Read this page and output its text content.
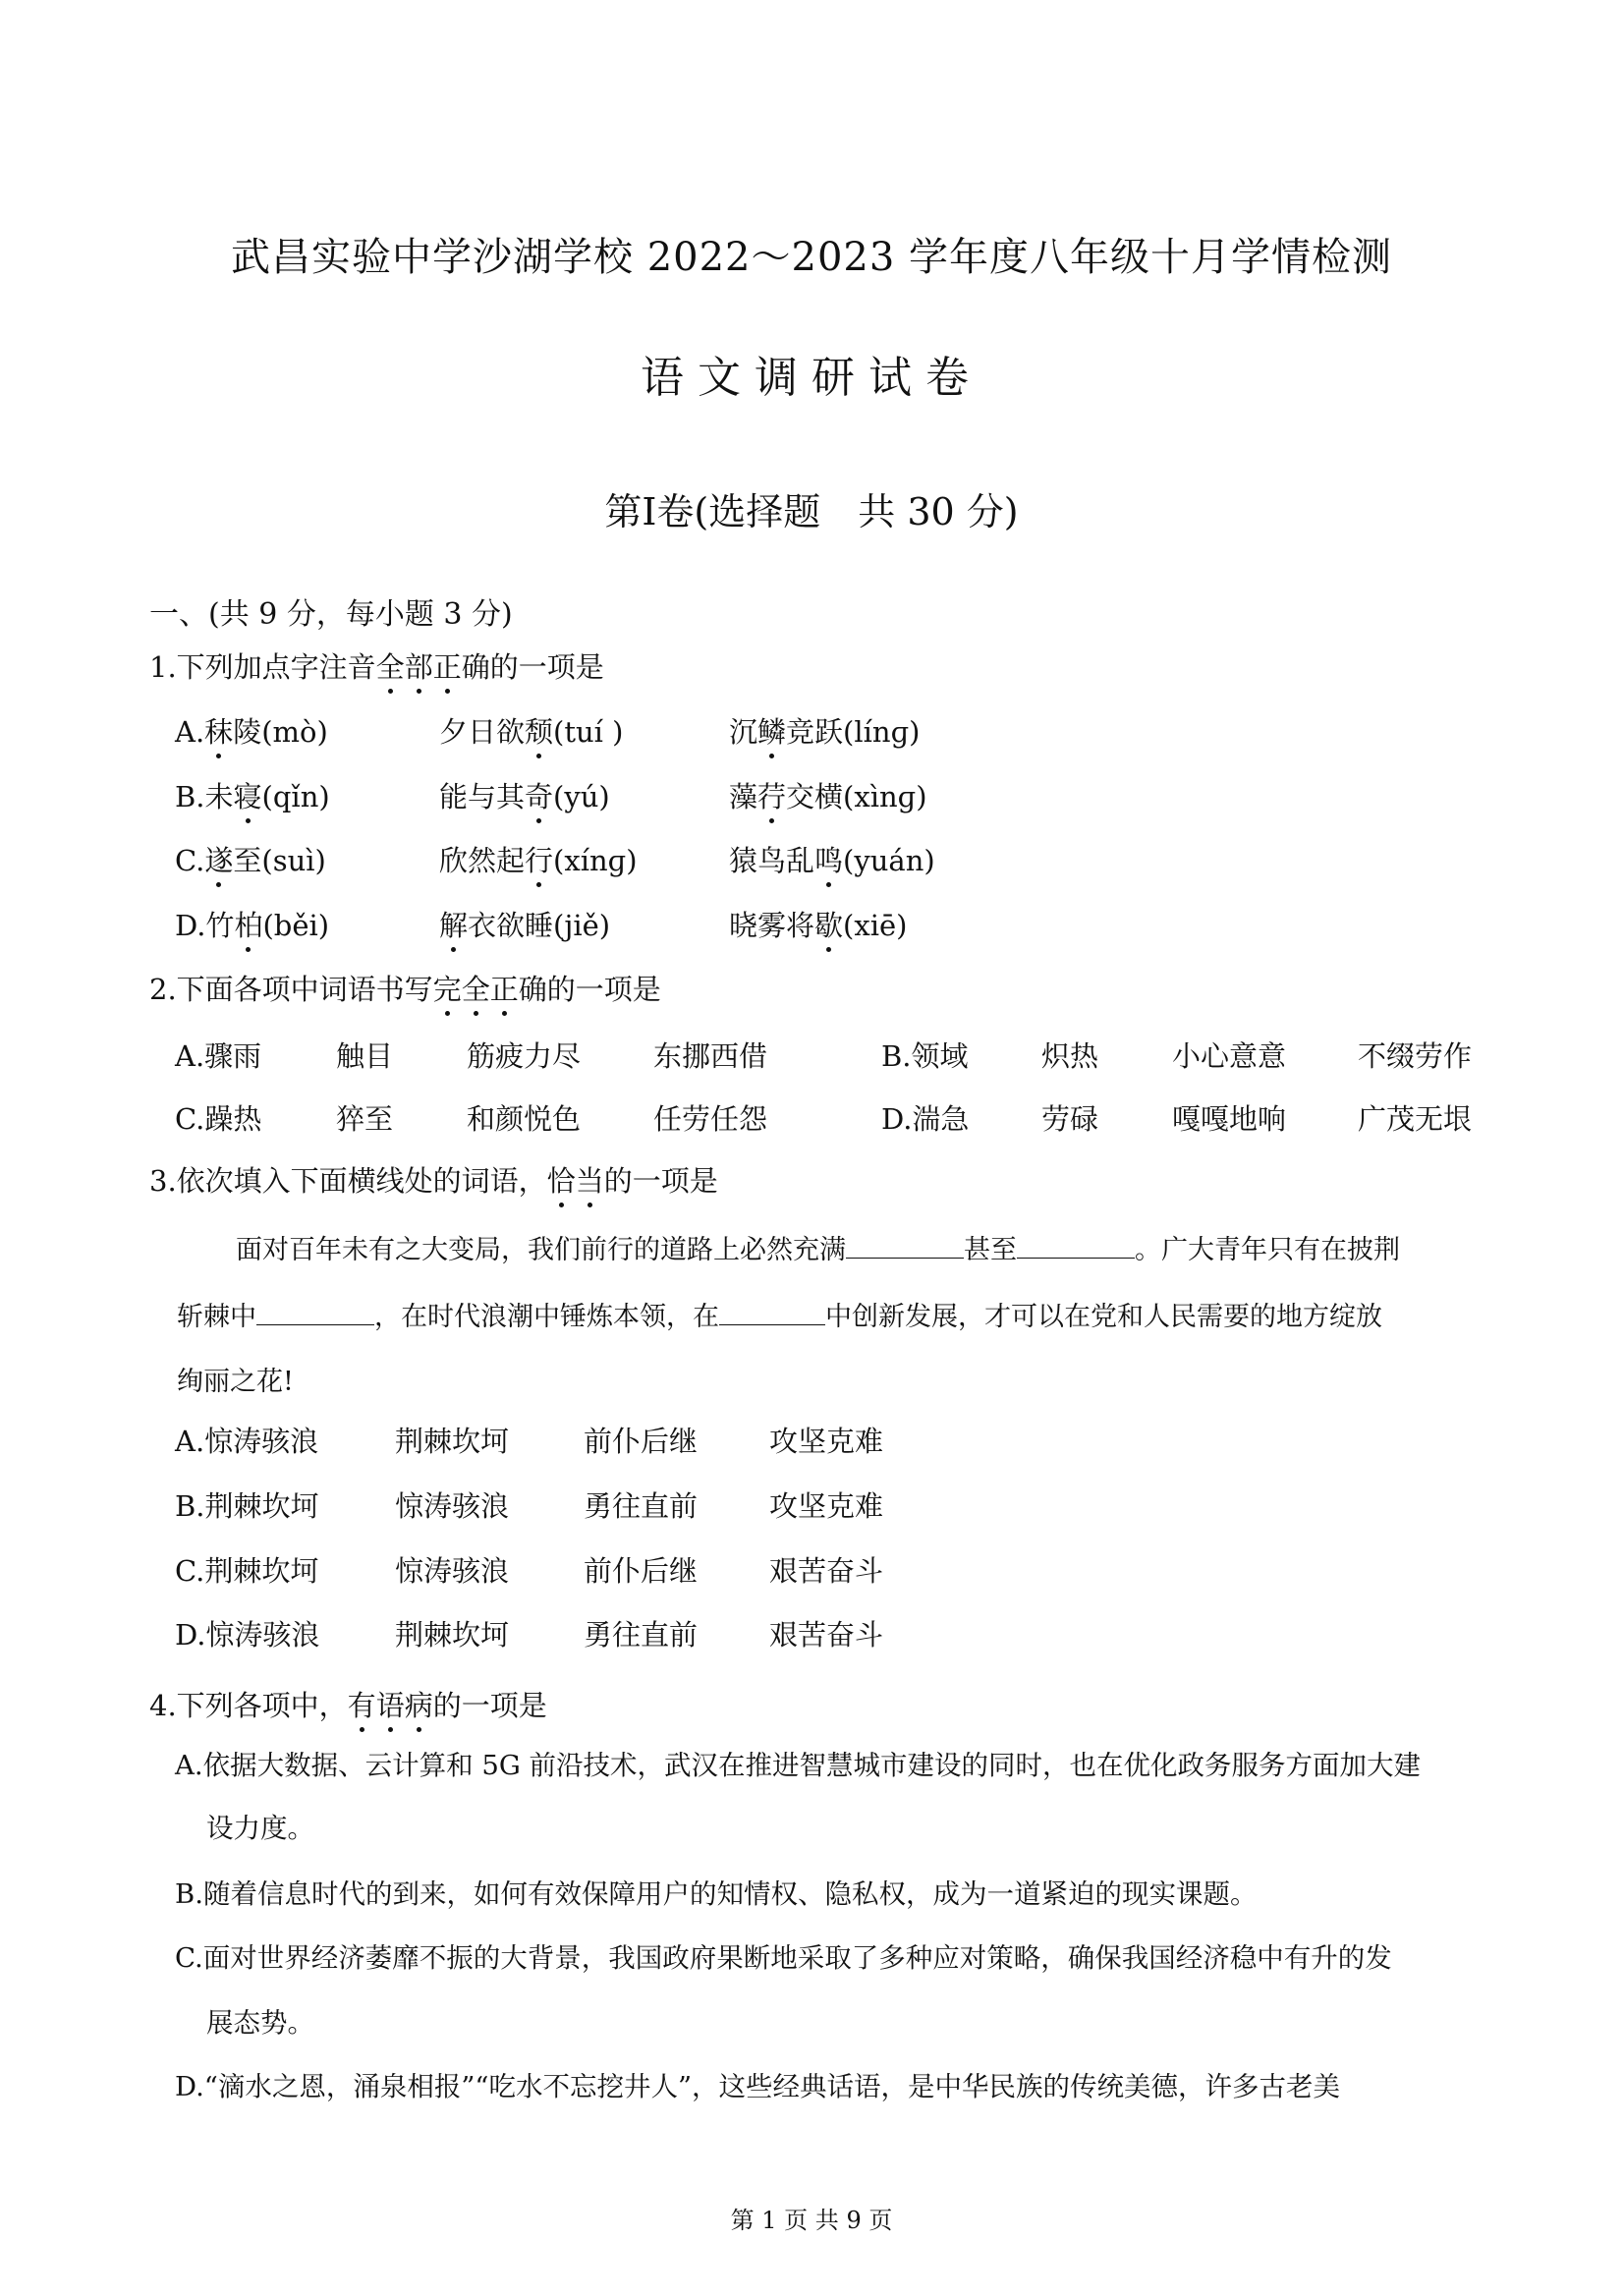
武昌实验中学沙湖学校 2022～2023 学年度八年级十月学情检测
语文调研试卷
第Ⅰ卷(选择题　共 30 分)
一、(共 9 分，每小题 3 分)
1.下列加点字注音全部正确的一项是
A.秣陵(mò)	夕日欲颓(tuí )	沉鳞竞跃(línɡ)
B.未寝(qǐn)	能与其奇(yú)	藻荇交横(xìnɡ)
C.遂至(suì)	欣然起行(xínɡ)	猿鸟乱鸣(yuán)
D.竹柏(běi)	解衣欲睡(jiě)	晓雾将歇(xiē)
2.下面各项中词语书写完全正确的一项是
A.骤雨	触目	筋疲力尽	东挪西借	B.领域	炽热	小心意意	不缀劳作
C.躁热	猝至	和颜悦色	任劳任怨	D.湍急	劳碌	嘎嘎地响	广茂无垠
3.依次填入下面横线处的词语，恰当的一项是
面对百年未有之大变局，我们前行的道路上必然充满	甚至	。广大青年只有在披荆
斩棘中	，在时代浪潮中锤炼本领，在	中创新发展，才可以在党和人民需要的地方绽放
绚丽之花!
A.惊涛骇浪	荆棘坎坷	前仆后继	攻坚克难
B.荆棘坎坷	惊涛骇浪	勇往直前	攻坚克难
C.荆棘坎坷	惊涛骇浪	前仆后继	艰苦奋斗
D.惊涛骇浪	荆棘坎坷	勇往直前	艰苦奋斗
4.下列各项中，有语病的一项是
A.依据大数据、云计算和 5G 前沿技术，武汉在推进智慧城市建设的同时，也在优化政务服务方面加大建
设力度。
B.随着信息时代的到来，如何有效保障用户的知情权、隐私权，成为一道紧迫的现实课题。
C.面对世界经济萎靡不振的大背景，我国政府果断地采取了多种应对策略，确保我国经济稳中有升的发
展态势。
D.“滴水之恩，涌泉相报”“吃水不忘挖井人”，这些经典话语，是中华民族的传统美德，许多古老美
第 1 页 共 9 页
